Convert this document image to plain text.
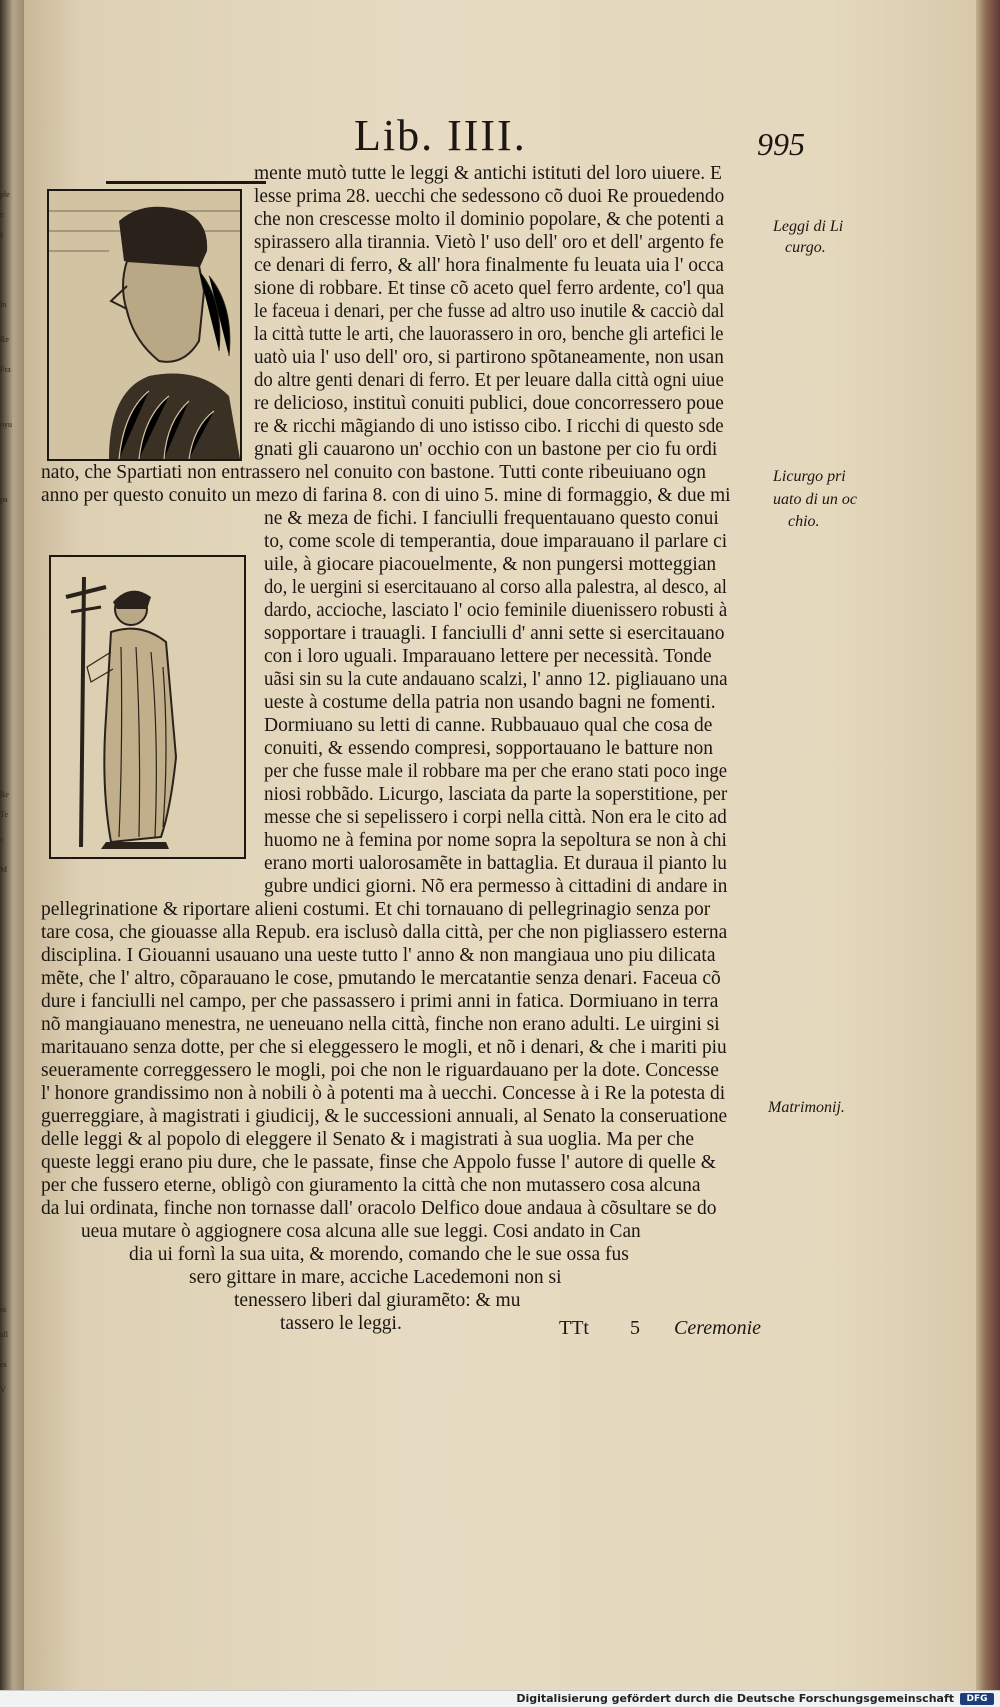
Lib. IIII.	995
mente mutò tutte le leggi & antichi istituti del loro uiuere. E
lesse prima 28. uecchi che sedessono cõ duoi Re prouedendo
che non crescesse molto il dominio popolare, & che potenti a
spirassero alla tirannia. Vietò l' uso dell' oro et dell' argento fe
ce denari di ferro, & all' hora finalmente fu leuata uia l' occa
sione di robbare. Et tinse cõ aceto quel ferro ardente, co'l qua
le faceua i denari, per che fusse ad altro uso inutile & cacciò dal
la città tutte le arti, che lauorassero in oro, benche gli artefici le
uatò uia l' uso dell' oro, si partirono spõtaneamente, non usan
do altre genti denari di ferro. Et per leuare dalla città ogni uiue
re delicioso, instituì conuiti publici, doue concorressero poue
re & ricchi mãgiando di uno istisso cibo. I ricchi di questo sde
gnati gli cauarono un' occhio con un bastone per cio fu ordi
nato, che Spartiati non entrassero nel conuito con bastone. Tutti conte ribeuiuano ogn
anno per questo conuito un mezo di farina 8. con di uino 5. mine di formaggio, & due mi
ne & meza de fichi. I fanciulli frequentauano questo conui
to, come scole di temperantia, doue imparauano il parlare ci
uile, à giocare piacouelmente, & non pungersi motteggian
do, le uergini si esercitauano al corso alla palestra, al desco, al
dardo, accioche, lasciato l' ocio feminile diuenissero robusti à
sopportare i trauagli. I fanciulli d' anni sette si esercitauano
con i loro uguali. Imparauano lettere per necessità. Tonde
uãsi sin su la cute andauano scalzi, l' anno 12. pigliauano una
ueste à costume della patria non usando bagni ne fomenti.
Dormiuano su letti di canne. Rubbauauo qual che cosa de
conuiti, & essendo compresi, sopportauano le batture non
per che fusse male il robbare ma per che erano stati poco inge
niosi robbãdo. Licurgo, lasciata da parte la soperstitione, per
messe che si sepelissero i corpi nella città. Non era le cito ad
huomo ne à femina por nome sopra la sepoltura se non à chi
erano morti ualorosamẽte in battaglia. Et duraua il pianto lu
gubre undici giorni. Nõ era permesso à cittadini di andare in
pellegrinatione & riportare alieni costumi. Et chi tornauano di pellegrinagio senza por
tare cosa, che giouasse alla Repub. era isclusò dalla città, per che non pigliassero esterna
disciplina. I Giouanni usauano una ueste tutto l' anno & non mangiaua uno piu dilicata
mẽte, che l' altro, cõparauano le cose, pmutando le mercatantie senza denari. Faceua cõ
dure i fanciulli nel campo, per che passassero i primi anni in fatica. Dormiuano in terra
nõ mangiauano menestra, ne ueneuano nella città, finche non erano adulti. Le uirgini si
maritauano senza dotte, per che si eleggessero le mogli, et nõ i denari, & che i mariti piu
seueramente correggessero le mogli, poi che non le riguardauano per la dote. Concesse
l' honore grandissimo non à nobili ò à potenti ma à uecchi. Concesse à i Re la potesta di
guerreggiare, à magistrati i giudicij, & le successioni annuali, al Senato la conseruatione
delle leggi & al popolo di eleggere il Senato & i magistrati à sua uoglia. Ma per che
queste leggi erano piu dure, che le passate, finse che Appolo fusse l' autore di quelle &
per che fussero eterne, obligò con giuramento la città che non mutassero cosa alcuna
da lui ordinata, finche non tornasse dall' oracolo Delfico doue andaua à cõsultare se do
ueua mutare ò aggiognere cosa alcuna alle sue leggi. Cosi andato in Can
dia ui fornì la sua uita, & morendo, comando che le sue ossa fus
sero gittare in mare, acciche Lacedemoni non si
tenessero liberi dal giuramẽto: & mu
tassero le leggi.
Leggi di Li
curgo.
Licurgo pri
uato di un oc
chio.
Matrimonij.
TTt 5 Ceremonie
ple
e
s
ln
Re
Fra
oyu
pa
Re
Te
c
M
ni
all
es
V
Digitalisierung gefördert durch die Deutsche Forschungsgemeinschaft	DFG
